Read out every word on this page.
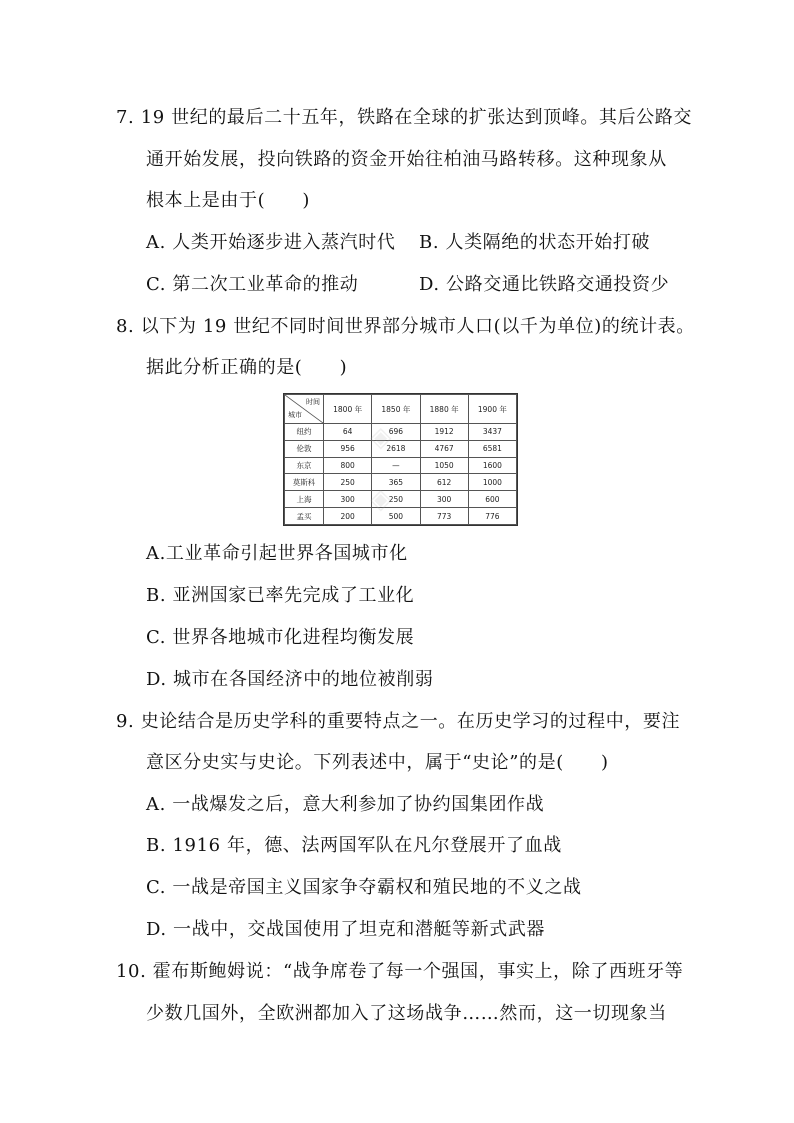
7. 19 世纪的最后二十五年，铁路在全球的扩张达到顶峰。其后公路交
通开始发展，投向铁路的资金开始往柏油马路转移。这种现象从
根本上是由于(　　)
A. 人类开始逐步进入蒸汽时代 B. 人类隔绝的状态开始打破
C. 第二次工业革命的推动	D. 公路交通比铁路交通投资少
8. 以下为 19 世纪不同时间世界部分城市人口(以千为单位)的统计表。
据此分析正确的是(　　)
时间
城市	1800 年	1850 年	1880 年	1900 年
纽约	64	696	1912	3437
伦敦	956	2618	4767	6581
东京	800	—	1050	1600
莫斯科	250	365	612	1000
上海	300	250	300	600
孟买	200	500	773	776
◈
◈
A.工业革命引起世界各国城市化
B. 亚洲国家已率先完成了工业化
C. 世界各地城市化进程均衡发展
D. 城市在各国经济中的地位被削弱
9. 史论结合是历史学科的重要特点之一。在历史学习的过程中，要注
意区分史实与史论。下列表述中，属于“史论”的是(　　)
A. 一战爆发之后，意大利参加了协约国集团作战
B. 1916 年，德、法两国军队在凡尔登展开了血战
C. 一战是帝国主义国家争夺霸权和殖民地的不义之战
D. 一战中，交战国使用了坦克和潜艇等新式武器
10. 霍布斯鲍姆说：“战争席卷了每一个强国，事实上，除了西班牙等
少数几国外，全欧洲都加入了这场战争……然而，这一切现象当
